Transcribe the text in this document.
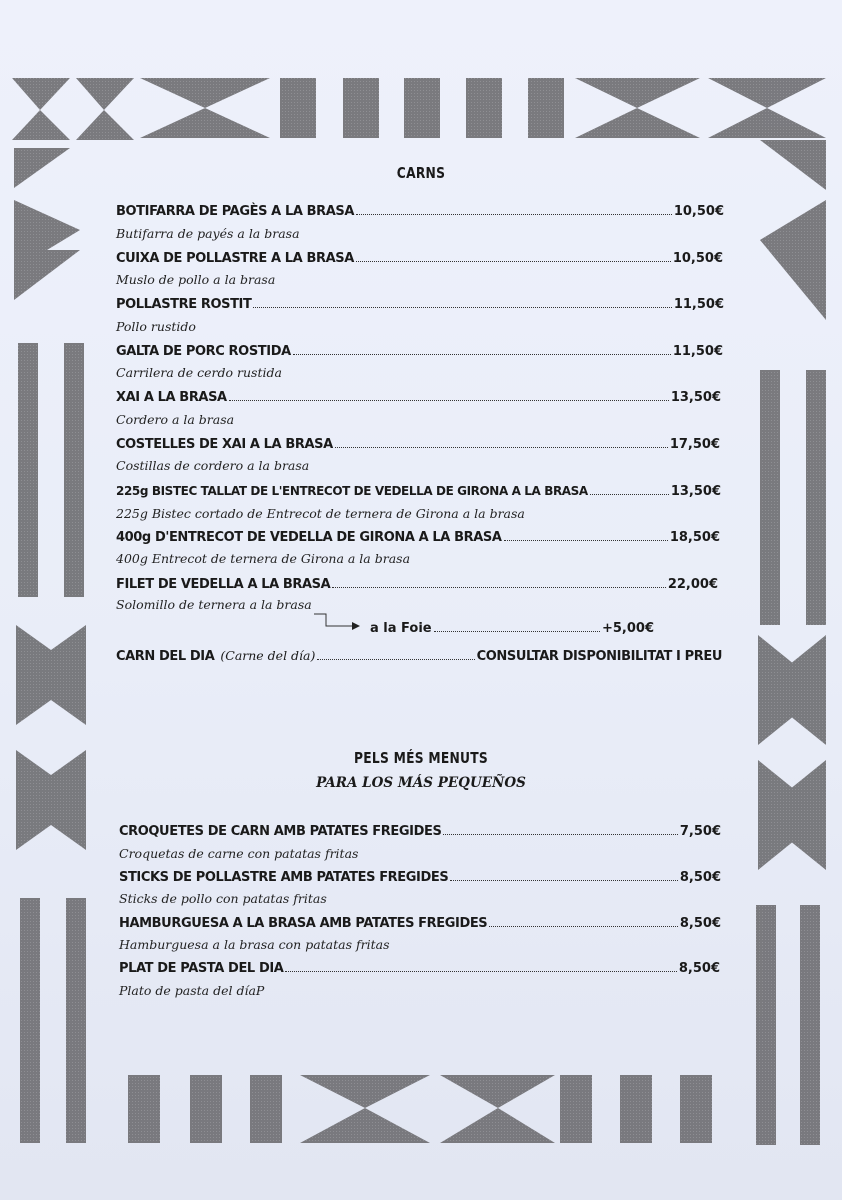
CARNS
BOTIFARRA DE PAGÈS A LA BRASA	10,50€
Butifarra de payés a la brasa
CUIXA DE POLLASTRE A LA BRASA	10,50€
Muslo de pollo a la brasa
POLLASTRE ROSTIT	11,50€
Pollo rustido
GALTA DE PORC ROSTIDA	11,50€
Carrilera de cerdo rustida
XAI A LA BRASA	13,50€
Cordero a la brasa
COSTELLES DE XAI A LA BRASA	17,50€
Costillas de cordero a la brasa
225g BISTEC TALLAT DE L'ENTRECOT DE VEDELLA DE GIRONA A LA BRASA	13,50€
225g Bistec cortado de Entrecot de ternera de Girona a la brasa
400g D'ENTRECOT DE VEDELLA DE GIRONA A LA BRASA	18,50€
400g Entrecot de ternera de Girona a la brasa
FILET DE VEDELLA A LA BRASA	22,00€
Solomillo de ternera a la brasa
a la Foie	+5,00€
CARN DEL DIA (Carne del día)	CONSULTAR DISPONIBILITAT I PREU
PELS MÉS MENUTS
PARA LOS MÁS PEQUEÑOS
CROQUETES DE CARN AMB PATATES FREGIDES	7,50€
Croquetas de carne con patatas fritas
STICKS DE POLLASTRE AMB PATATES FREGIDES	8,50€
Sticks de pollo con patatas fritas
HAMBURGUESA A LA BRASA AMB PATATES FREGIDES	8,50€
Hamburguesa a la brasa con patatas fritas
PLAT DE PASTA DEL DIA	8,50€
Plato de pasta del díaP
